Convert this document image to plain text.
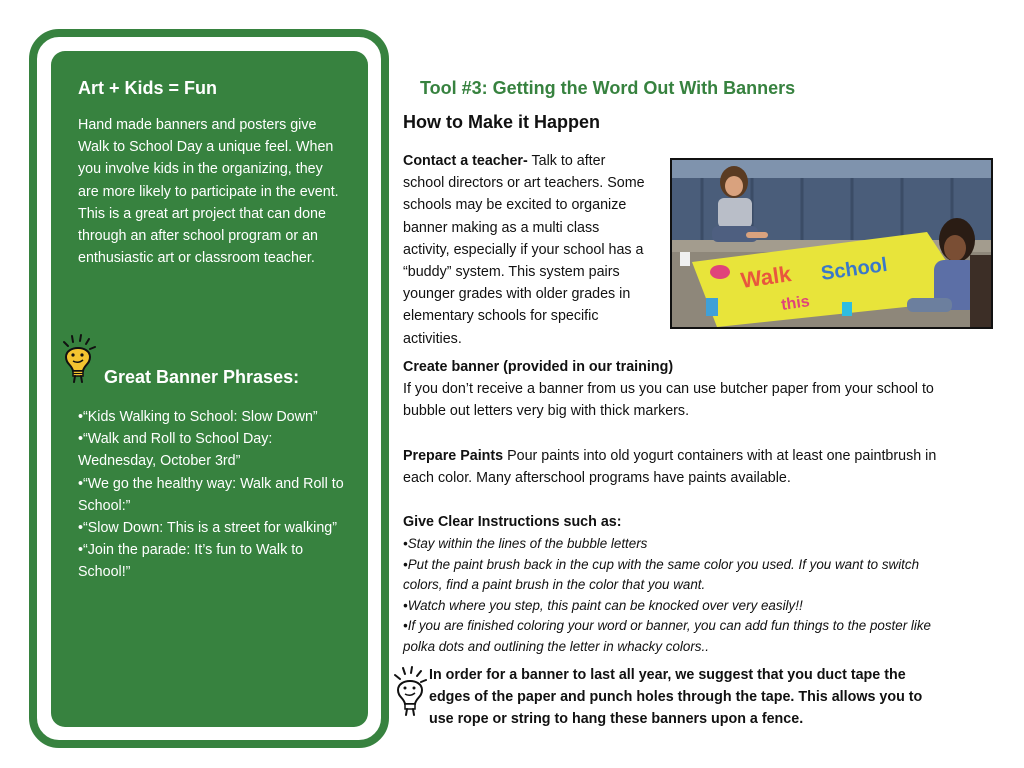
Art + Kids = Fun

Hand made banners and posters give Walk to School Day a unique feel. When you involve kids in the organizing, they are more likely to participate in the event. This is a great art project that can done through an after school program or an enthusiastic art or classroom teacher.

Great Banner Phrases:
•“Kids Walking to School: Slow Down”
•“Walk and Roll to School Day: Wednesday, October 3rd”
•“We go the healthy way: Walk and Roll to School:”
•“Slow Down: This is a street for walking”
•“Join the parade: It’s fun to Walk to School!”
Tool #3: Getting the Word Out With Banners
How to Make it Happen

Contact a teacher- Talk to after school directors or art teachers. Some schools may be excited to organize banner making as a multi class activity, especially if your school has a “buddy” system. This system pairs younger grades with older grades in elementary schools for specific activities.

Walk School
this

Create banner (provided in our training)
If you don’t receive a banner from us you can use butcher paper from your school to bubble out letters very big with thick markers.

Prepare Paints Pour paints into old yogurt containers with at least one paintbrush in each color. Many afterschool programs have paints available.

Give Clear Instructions such as:

•Stay within the lines of the bubble letters
•Put the paint brush back in the cup with the same color you used. If you want to switch colors, find a paint brush in the color that you want.
•Watch where you step, this paint can be knocked over very easily!!
•If you are finished coloring your word or banner, you can add fun things to the poster like polka dots and outlining the letter in whacky colors..

In order for a banner to last all year, we suggest that you duct tape the edges of the paper and punch holes through the tape. This allows you to use rope or string to hang these banners upon a fence.
